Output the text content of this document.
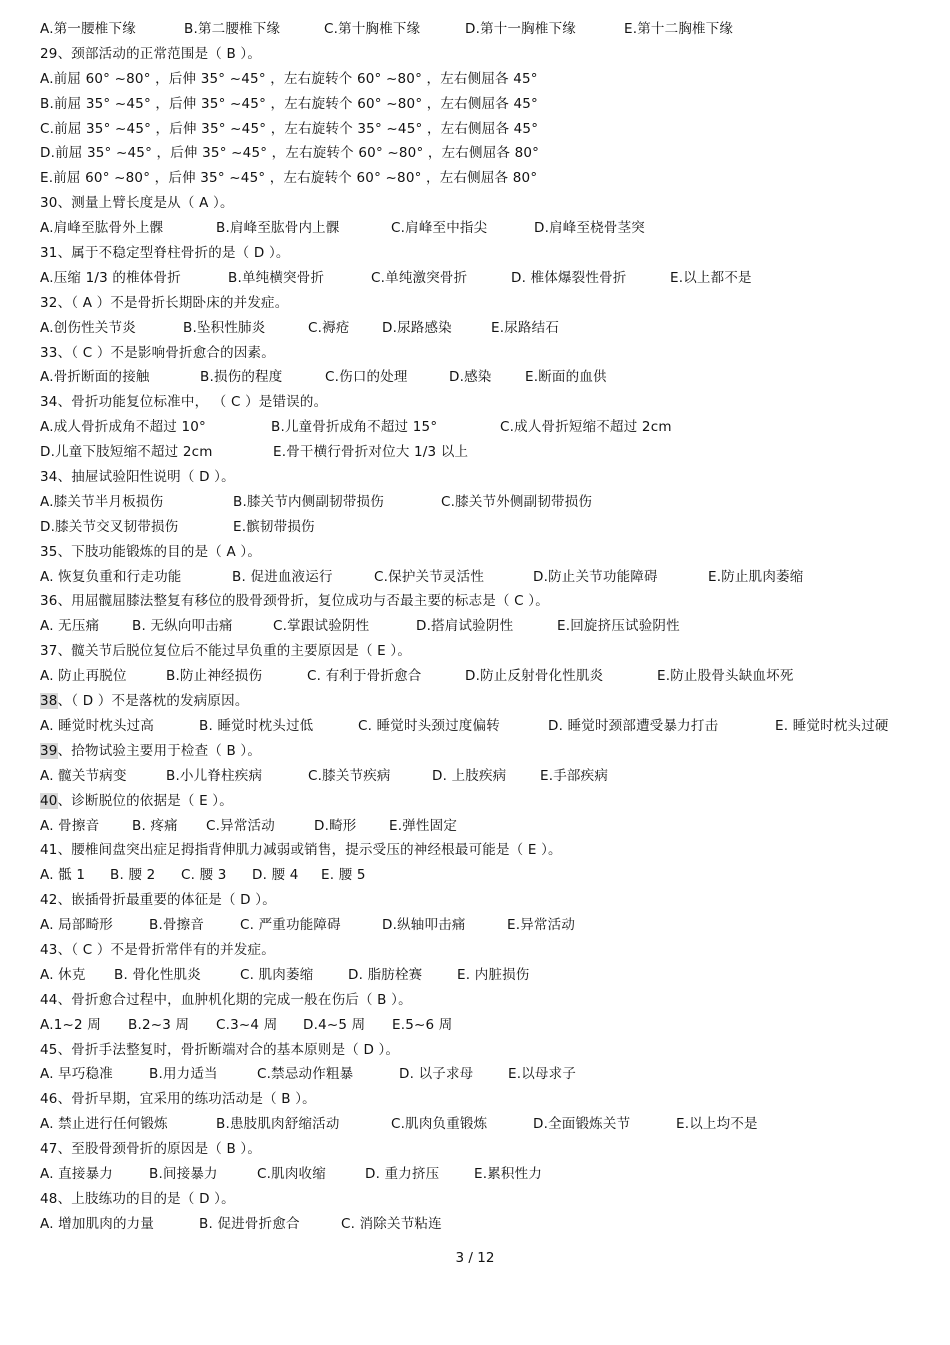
A.第一腰椎下缘	B.第二腰椎下缘	C.第十胸椎下缘	D.第十一胸椎下缘	E.第十二胸椎下缘
29、颈部活动的正常范围是（ B ）。
A.前屈 60° ~80° ，后伸 35° ~45° ，左右旋转个 60° ~80° ，左右侧屈各 45°
B.前屈 35° ~45° ，后伸 35° ~45° ，左右旋转个 60° ~80° ，左右侧屈各 45°
C.前屈 35° ~45° ，后伸 35° ~45° ，左右旋转个 35° ~45° ，左右侧屈各 45°
D.前屈 35° ~45° ，后伸 35° ~45° ，左右旋转个 60° ~80° ，左右侧屈各 80°
E.前屈 60° ~80° ，后伸 35° ~45° ，左右旋转个 60° ~80° ，左右侧屈各 80°
30、测量上臂长度是从（ A ）。
A.肩峰至肱骨外上髁	B.肩峰至肱骨内上髁	C.肩峰至中指尖	D.肩峰至桡骨茎突
31、属于不稳定型脊柱骨折的是（ D ）。
A.压缩 1/3 的椎体骨折	B.单纯横突骨折	C.单纯激突骨折	D. 椎体爆裂性骨折	E.以上都不是
32、（ A ）不是骨折长期卧床的并发症。
A.创伤性关节炎	B.坠积性肺炎	C.褥疮 D.尿路感染	E.尿路结石
33、（ C ）不是影响骨折愈合的因素。
A.骨折断面的接触	B.损伤的程度	C.伤口的处理	D.感染 E.断面的血供
34、骨折功能复位标准中， （ C ）是错误的。
A.成人骨折成角不超过 10°	B.儿童骨折成角不超过 15°	C.成人骨折短缩不超过 2cm
D.儿童下肢短缩不超过 2cm	E.骨干横行骨折对位大 1/3 以上
34、抽屉试验阳性说明（ D ）。
A.膝关节半月板损伤	B.膝关节内侧副韧带损伤	C.膝关节外侧副韧带损伤
D.膝关节交叉韧带损伤	E.髌韧带损伤
35、下肢功能锻炼的目的是（ A ）。
A. 恢复负重和行走功能	B. 促进血液运行	C.保护关节灵活性	D.防止关节功能障碍	E.防止肌肉萎缩
36、用屈髋屈膝法整复有移位的股骨颈骨折，复位成功与否最主要的标志是（ C ）。
A. 无压痛 B. 无纵向叩击痛	C.掌跟试验阴性	D.搭肩试验阴性	E.回旋挤压试验阴性
37、髋关节后脱位复位后不能过早负重的主要原因是（ E ）。
A. 防止再脱位	B.防止神经损伤	C. 有利于骨折愈合	D.防止反射骨化性肌炎	E.防止股骨头缺血坏死
38、（ D ）不是落枕的发病原因。
A. 睡觉时枕头过高	B. 睡觉时枕头过低	C. 睡觉时头颈过度偏转	D. 睡觉时颈部遭受暴力打击	E. 睡觉时枕头过硬
39、拾物试验主要用于检查（ B ）。
A. 髋关节病变	B.小儿脊柱疾病	C.膝关节疾病	D. 上肢疾病 E.手部疾病
40、诊断脱位的依据是（ E ）。
A. 骨擦音 B. 疼痛 C.异常活动	D.畸形 E.弹性固定
41、腰椎间盘突出症足拇指背伸肌力减弱或销售，提示受压的神经根最可能是（ E ）。
A. 骶 1 B. 腰 2 C. 腰 3 D. 腰 4 E. 腰 5
42、嵌插骨折最重要的体征是（ D ）。
A. 局部畸形	B.骨擦音	C. 严重功能障碍	D.纵轴叩击痛	E.异常活动
43、（ C ）不是骨折常伴有的并发症。
A. 休克 B. 骨化性肌炎	C. 肌肉萎缩	D. 脂肪栓赛	E. 内脏损伤
44、骨折愈合过程中，血肿机化期的完成一般在伤后（ B ）。
A.1~2 周 B.2~3 周 C.3~4 周 D.4~5 周 E.5~6 周
45、骨折手法整复时，骨折断端对合的基本原则是（ D ）。
A. 早巧稳准	B.用力适当	C.禁忌动作粗暴	D. 以子求母	E.以母求子
46、骨折早期，宜采用的练功活动是（ B ）。
A. 禁止进行任何锻炼	B.患肢肌肉舒缩活动	C.肌肉负重锻炼	D.全面锻炼关节	E.以上均不是
47、至股骨颈骨折的原因是（ B ）。
A. 直接暴力	B.间接暴力	C.肌肉收缩	D. 重力挤压	E.累积性力
48、上肢练功的目的是（ D ）。
A. 增加肌肉的力量	B. 促进骨折愈合	C. 消除关节粘连
3 / 12
